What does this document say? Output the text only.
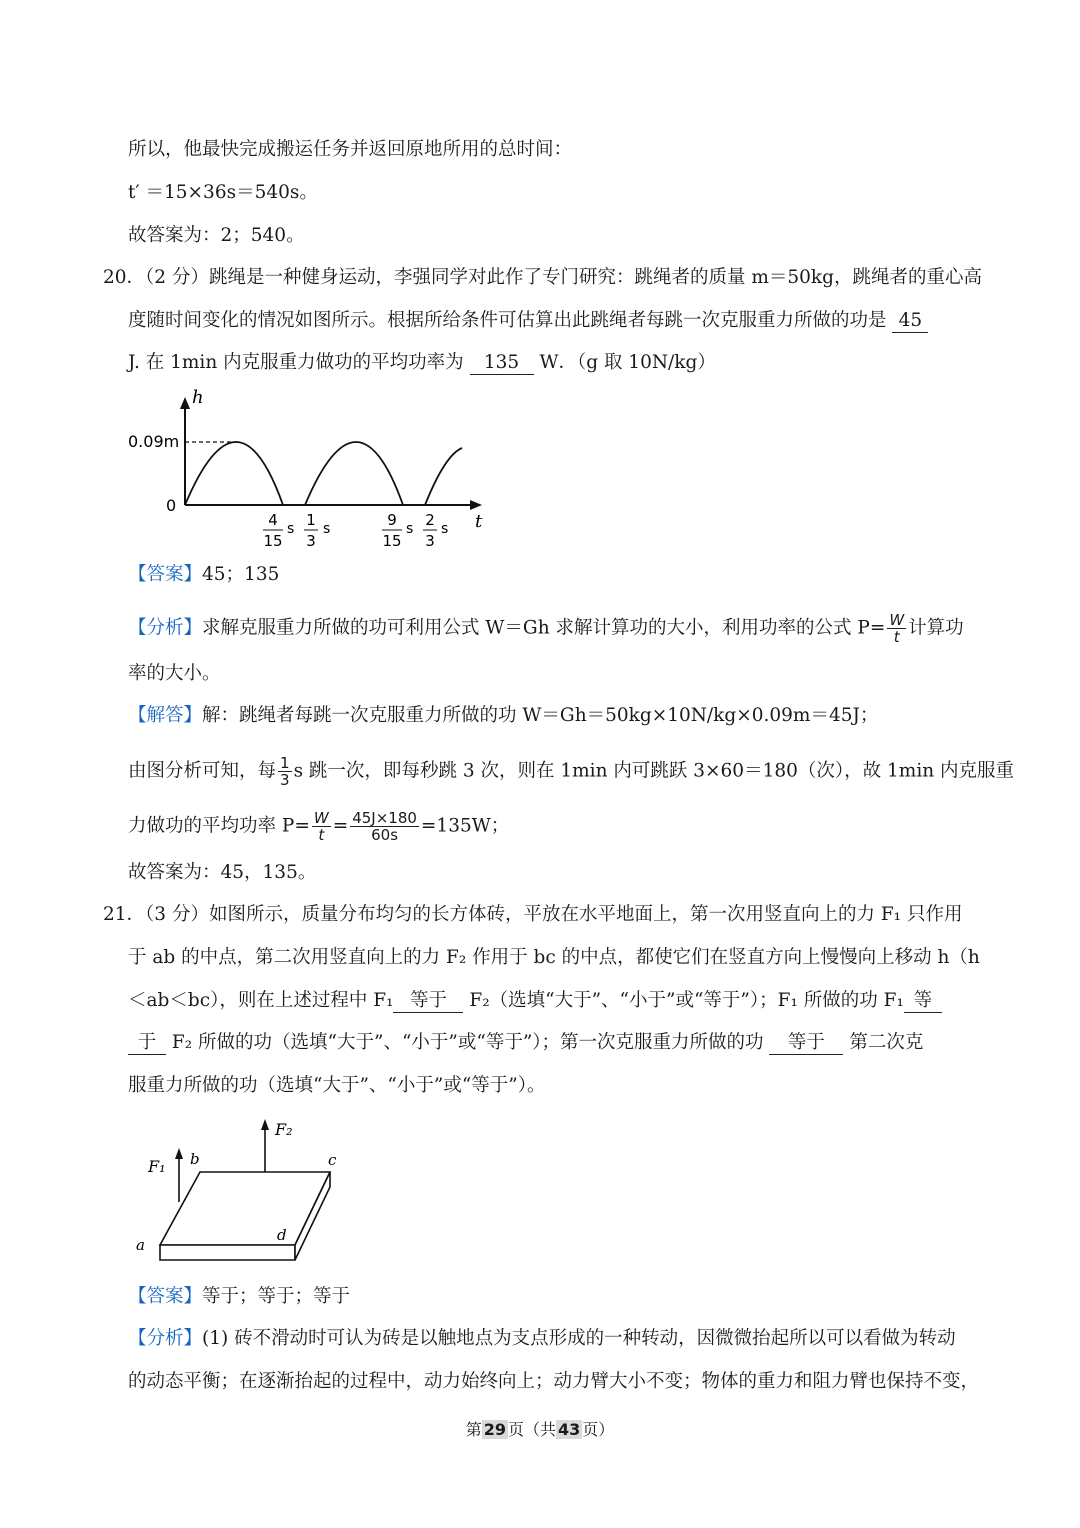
所以，他最快完成搬运任务并返回原地所用的总时间：
t′ ＝15×36s＝540s。
故答案为：2；540。
20．（2 分）跳绳是一种健身运动，李强同学对此作了专门研究：跳绳者的质量 m＝50kg，跳绳者的重心高
度随时间变化的情况如图所示。根据所给条件可估算出此跳绳者每跳一次克服重力所做的功是 45
J. 在 1min 内克服重力做功的平均功率为 135 W．（g 取 10N/kg）
h
t
0.09m
0
4
15
s 1
3
s	9
15
s 2
3
s
【答案】45；135
【分析】求解克服重力所做的功可利用公式 W＝Gh 求解计算功的大小，利用功率的公式 $P= \frac{W}{t}$ 计算功
率的大小。
【解答】解：跳绳者每跳一次克服重力所做的功 W＝Gh＝50kg×10N/kg×0.09m＝45J；
由图分析可知，每 $\frac{1}{3}$ s 跳一次，即每秒跳 3 次，则在 1min 内可跳跃 3×60＝180（次），故 1min 内克服重
力做功的平均功率 $P= \frac{W}{t} = \frac{45J\times 180}{60s} =135W$；
故答案为：45，135。
21．（3 分）如图所示，质量分布均匀的长方体砖，平放在水平地面上，第一次用竖直向上的力 F₁ 只作用
于 ab 的中点，第二次用竖直向上的力 F₂ 作用于 bc 的中点，都使它们在竖直方向上慢慢向上移动 h（h
＜ab＜bc），则在上述过程中 F₁ 等于 F₂（选填“大于”、“小于”或“等于”）；F₁ 所做的功 F₁ 等
于 F₂ 所做的功（选填“大于”、“小于”或“等于”）；第一次克服重力所做的功 等于 第二次克
服重力所做的功（选填“大于”、“小于”或“等于”）。
F₁
F₂
b	c
a
d
【答案】等于；等于；等于
【分析】(1) 砖不滑动时可认为砖是以触地点为支点形成的一种转动，因微微抬起所以可以看做为转动
的动态平衡；在逐渐抬起的过程中，动力始终向上；动力臂大小不变；物体的重力和阻力臂也保持不变，
第 29 页（共 43 页）
